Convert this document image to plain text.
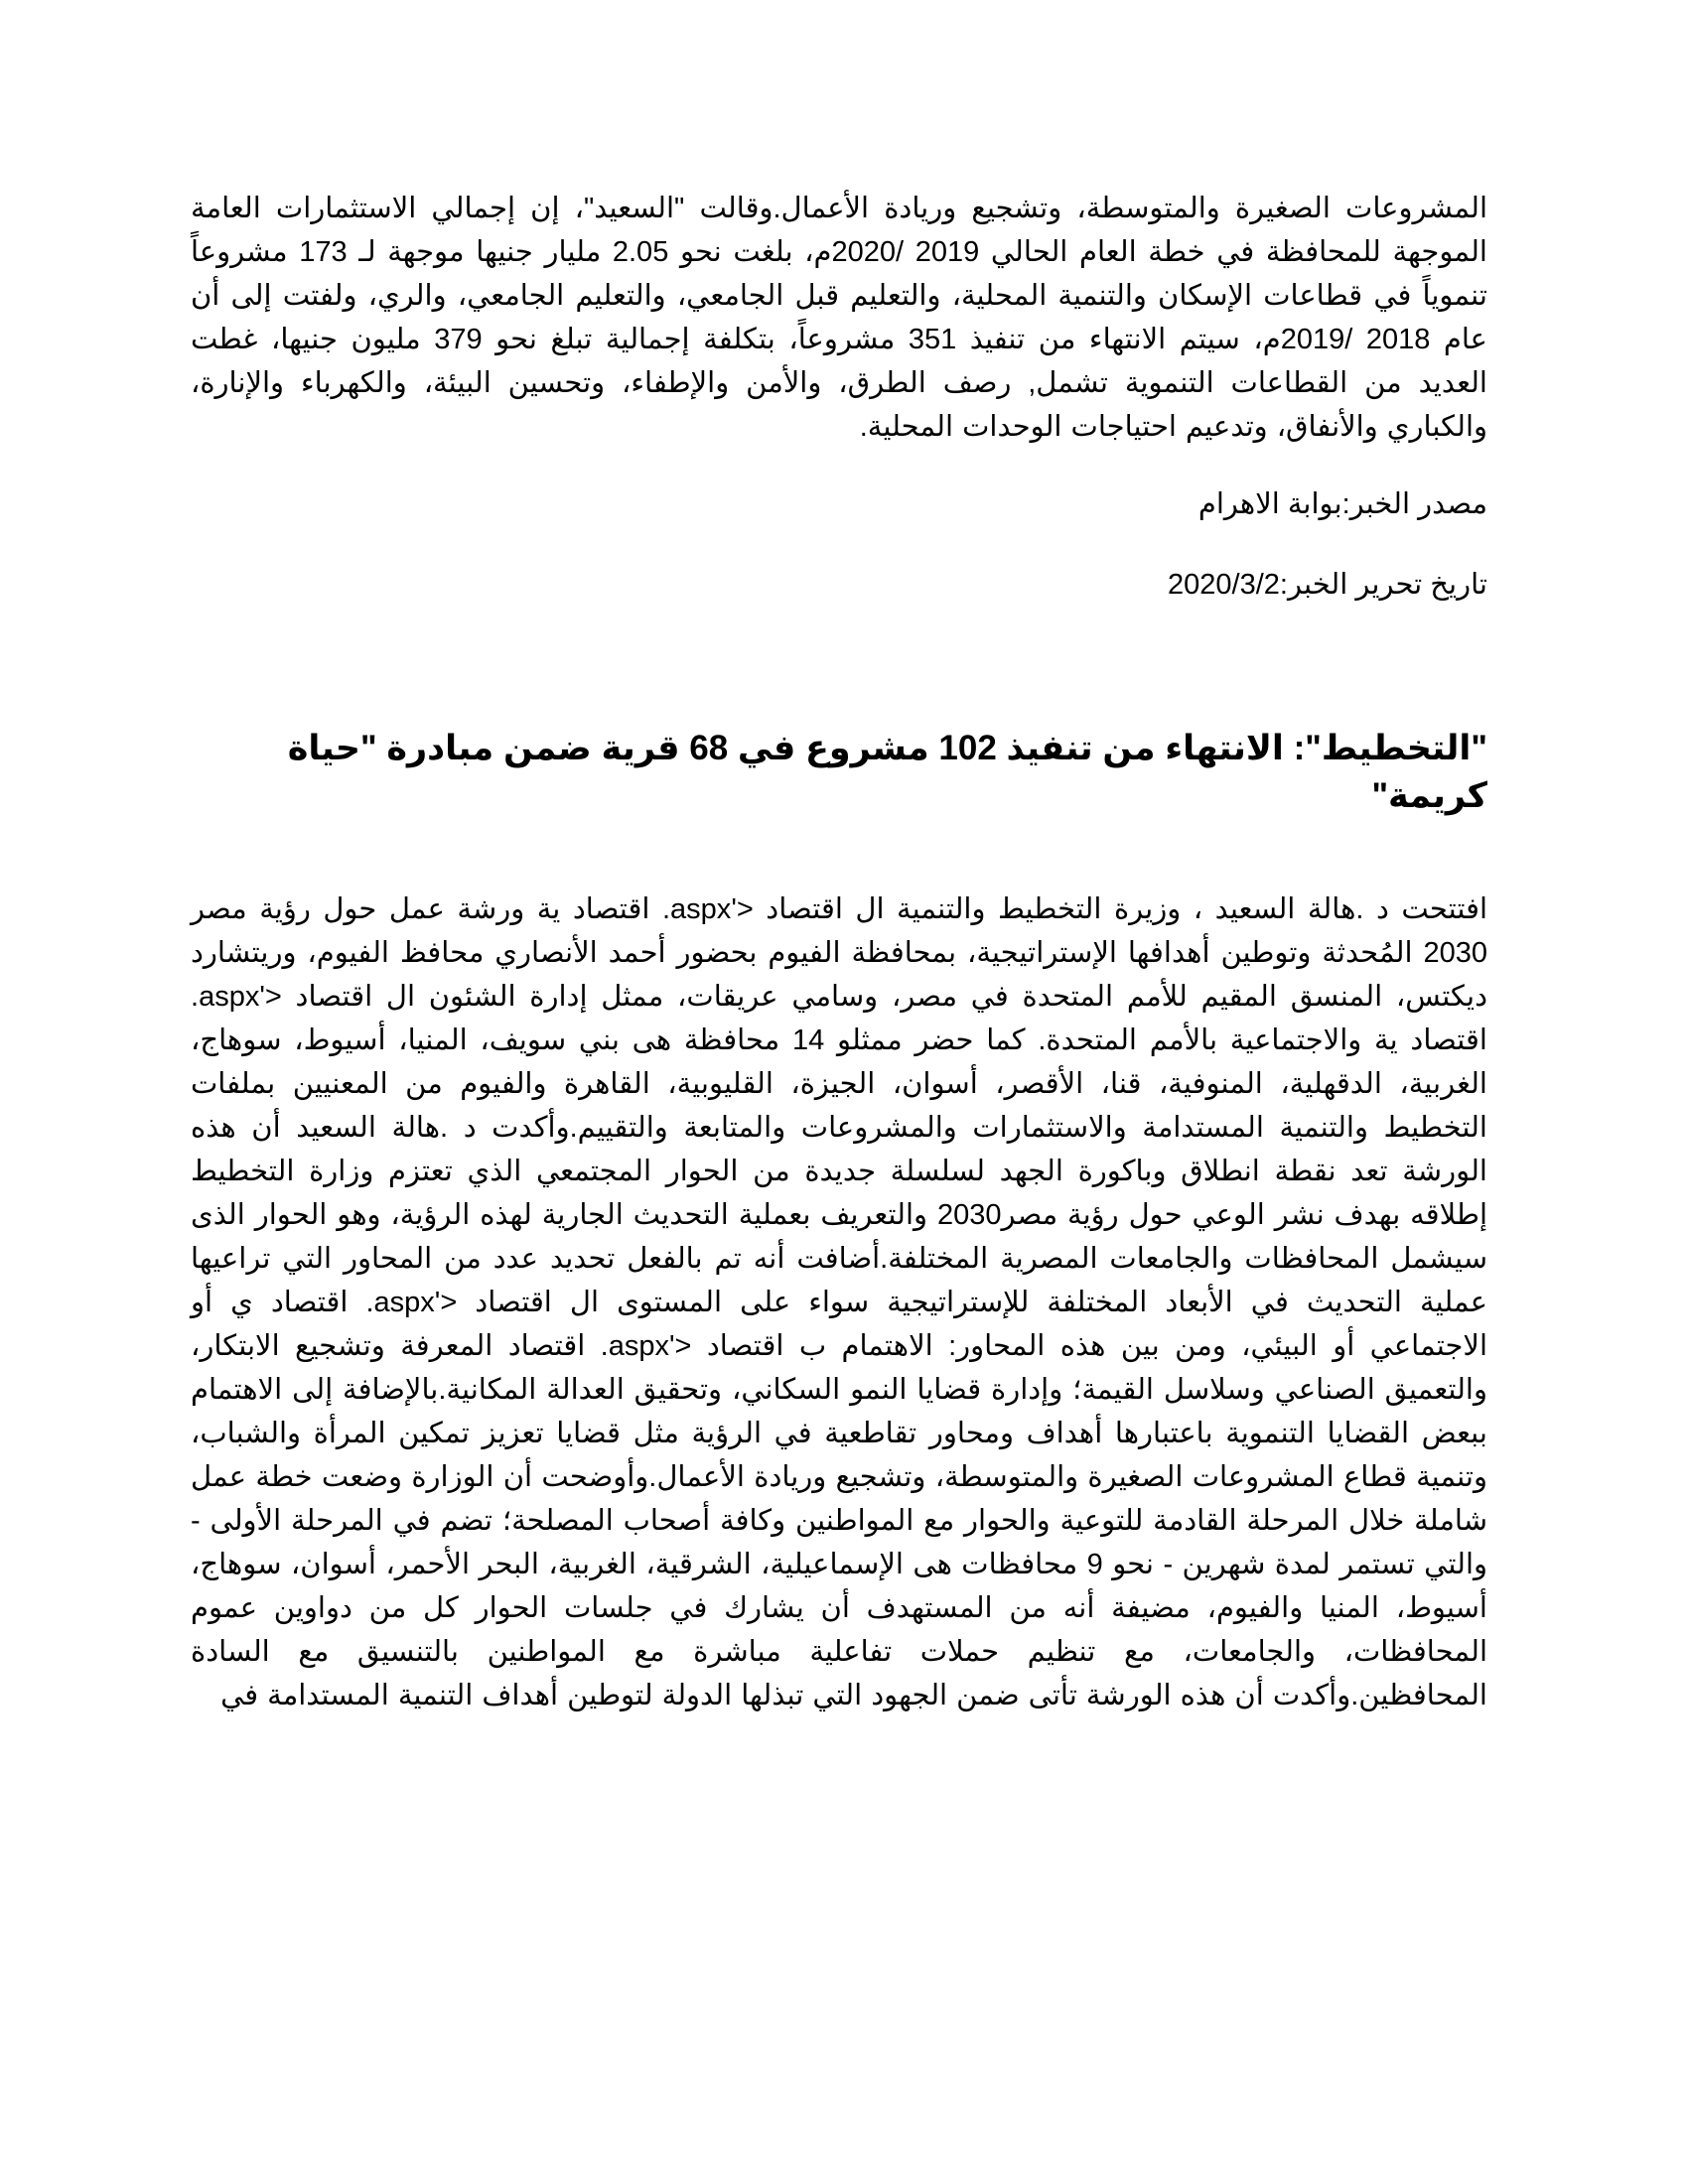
المشروعات الصغيرة والمتوسطة، وتشجيع وريادة الأعمال.وقالت "السعيد"، إن إجمالي الاستثمارات العامة الموجهة للمحافظة في خطة العام الحالي 2019 /2020م، بلغت نحو 2.05 مليار جنيها موجهة لـ 173 مشروعاً تنموياً في قطاعات الإسكان والتنمية المحلية، والتعليم قبل الجامعي، والتعليم الجامعي، والري، ولفتت إلى أن عام 2018 /2019م، سيتم الانتهاء من تنفيذ 351 مشروعاً، بتكلفة إجمالية تبلغ نحو 379 مليون جنيها، غطت العديد من القطاعات التنموية تشمل, رصف الطرق، والأمن والإطفاء، وتحسين البيئة، والكهرباء والإنارة، والكباري والأنفاق، وتدعيم احتياجات الوحدات المحلية.

مصدر الخبر:بوابة الاهرام

تاريخ تحرير الخبر:2020/3/2

"التخطيط": الانتهاء من تنفيذ 102 مشروع في 68 قرية ضمن مبادرة "حياة كريمة"

افتتحت د .هالة السعيد ، وزيرة التخطيط والتنمية ال اقتصاد <'aspx. اقتصاد ية ورشة عمل حول رؤية مصر 2030 المُحدثة وتوطين أهدافها الإستراتيجية، بمحافظة الفيوم بحضور أحمد الأنصاري محافظ الفيوم، وريتشارد ديكتس، المنسق المقيم للأمم المتحدة في مصر، وسامي عريقات، ممثل إدارة الشئون ال اقتصاد <'aspx. اقتصاد ية والاجتماعية بالأمم المتحدة. كما حضر ممثلو 14 محافظة هى بني سويف، المنيا، أسيوط، سوهاج، الغربية، الدقهلية، المنوفية، قنا، الأقصر، أسوان، الجيزة، القليوبية، القاهرة والفيوم من المعنيين بملفات التخطيط والتنمية المستدامة والاستثمارات والمشروعات والمتابعة والتقييم.وأكدت د .هالة السعيد أن هذه الورشة تعد نقطة انطلاق وباكورة الجهد لسلسلة جديدة من الحوار المجتمعي الذي تعتزم وزارة التخطيط إطلاقه بهدف نشر الوعي حول رؤية مصر2030 والتعريف بعملية التحديث الجارية لهذه الرؤية، وهو الحوار الذى سيشمل المحافظات والجامعات المصرية المختلفة.أضافت أنه تم بالفعل تحديد عدد من المحاور التي تراعيها عملية التحديث في الأبعاد المختلفة للإستراتيجية سواء على المستوى ال اقتصاد <'aspx. اقتصاد ي أو الاجتماعي أو البيئي، ومن بين هذه المحاور: الاهتمام ب اقتصاد <'aspx. اقتصاد المعرفة وتشجيع الابتكار، والتعميق الصناعي وسلاسل القيمة؛ وإدارة قضايا النمو السكاني، وتحقيق العدالة المكانية.بالإضافة إلى الاهتمام ببعض القضايا التنموية باعتبارها أهداف ومحاور تقاطعية في الرؤية مثل قضايا تعزيز تمكين المرأة والشباب، وتنمية قطاع المشروعات الصغيرة والمتوسطة، وتشجيع وريادة الأعمال.وأوضحت أن الوزارة وضعت خطة عمل شاملة خلال المرحلة القادمة للتوعية والحوار مع المواطنين وكافة أصحاب المصلحة؛ تضم في المرحلة الأولى - والتي تستمر لمدة شهرين - نحو 9 محافظات هى الإسماعيلية، الشرقية، الغربية، البحر الأحمر، أسوان، سوهاج، أسيوط، المنيا والفيوم، مضيفة أنه من المستهدف أن يشارك في جلسات الحوار كل من دواوين عموم المحافظات، والجامعات، مع تنظيم حملات تفاعلية مباشرة مع المواطنين بالتنسيق مع السادة المحافظين.وأكدت أن هذه الورشة تأتى ضمن الجهود التي تبذلها الدولة لتوطين أهداف التنمية المستدامة في
